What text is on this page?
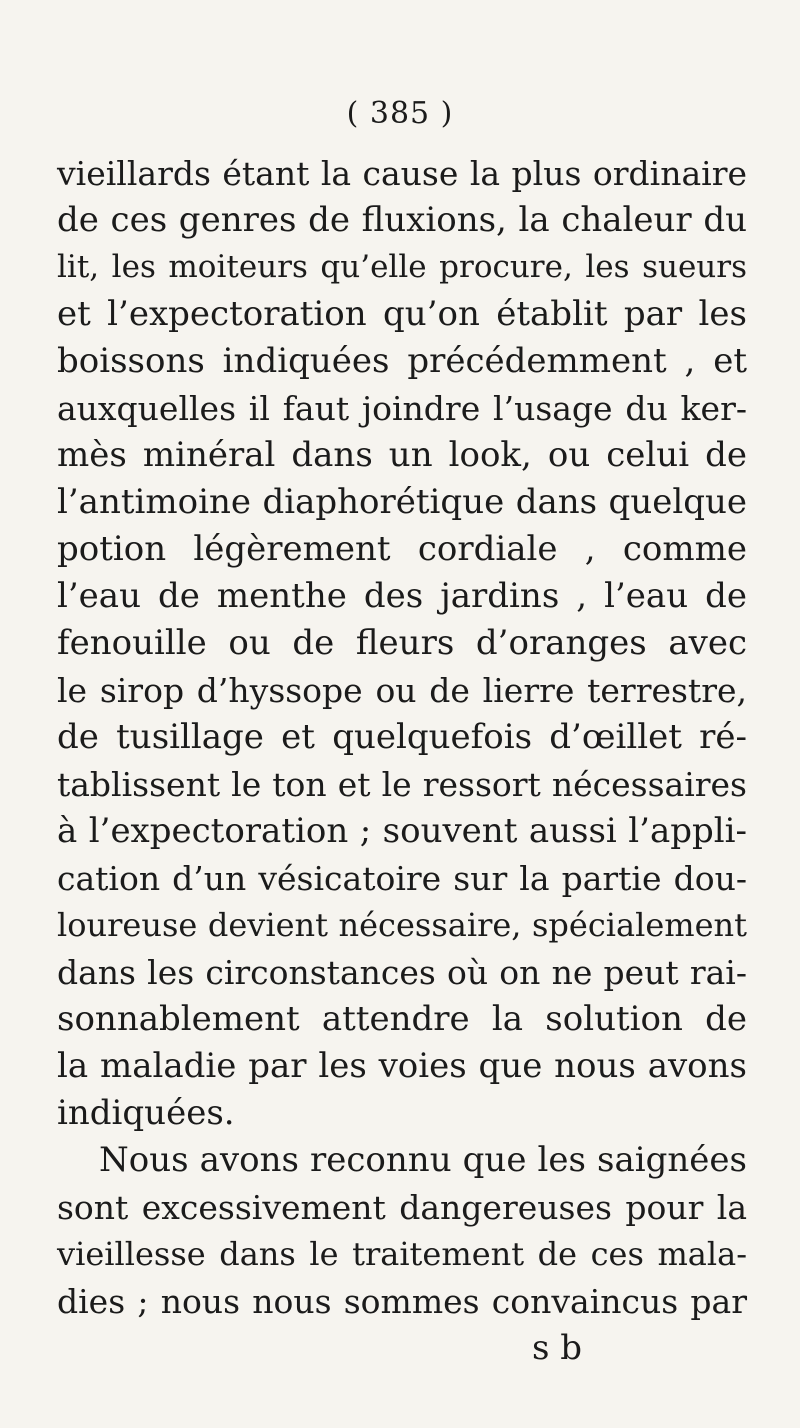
( 385 )
vieillards étant la cause la plus ordinaire
de ces genres de fluxions, la chaleur du
lit, les moiteurs qu’elle procure, les sueurs
et l’expectoration qu’on établit par les
boissons indiquées précédemment , et
auxquelles il faut joindre l’usage du ker-
mès minéral dans un look, ou celui de
l’antimoine diaphorétique dans quelque
potion légèrement cordiale , comme
l’eau de menthe des jardins , l’eau de
fenouille ou de fleurs d’oranges avec
le sirop d’hyssope ou de lierre terrestre,
de tusillage et quelquefois d’œillet ré-
tablissent le ton et le ressort nécessaires
à l’expectoration ; souvent aussi l’appli-
cation d’un vésicatoire sur la partie dou-
loureuse devient nécessaire, spécialement
dans les circonstances où on ne peut rai-
sonnablement attendre la solution de
la maladie par les voies que nous avons
indiquées.
Nous avons reconnu que les saignées
sont excessivement dangereuses pour la
vieillesse dans le traitement de ces mala-
dies ; nous nous sommes convaincus par
s b
